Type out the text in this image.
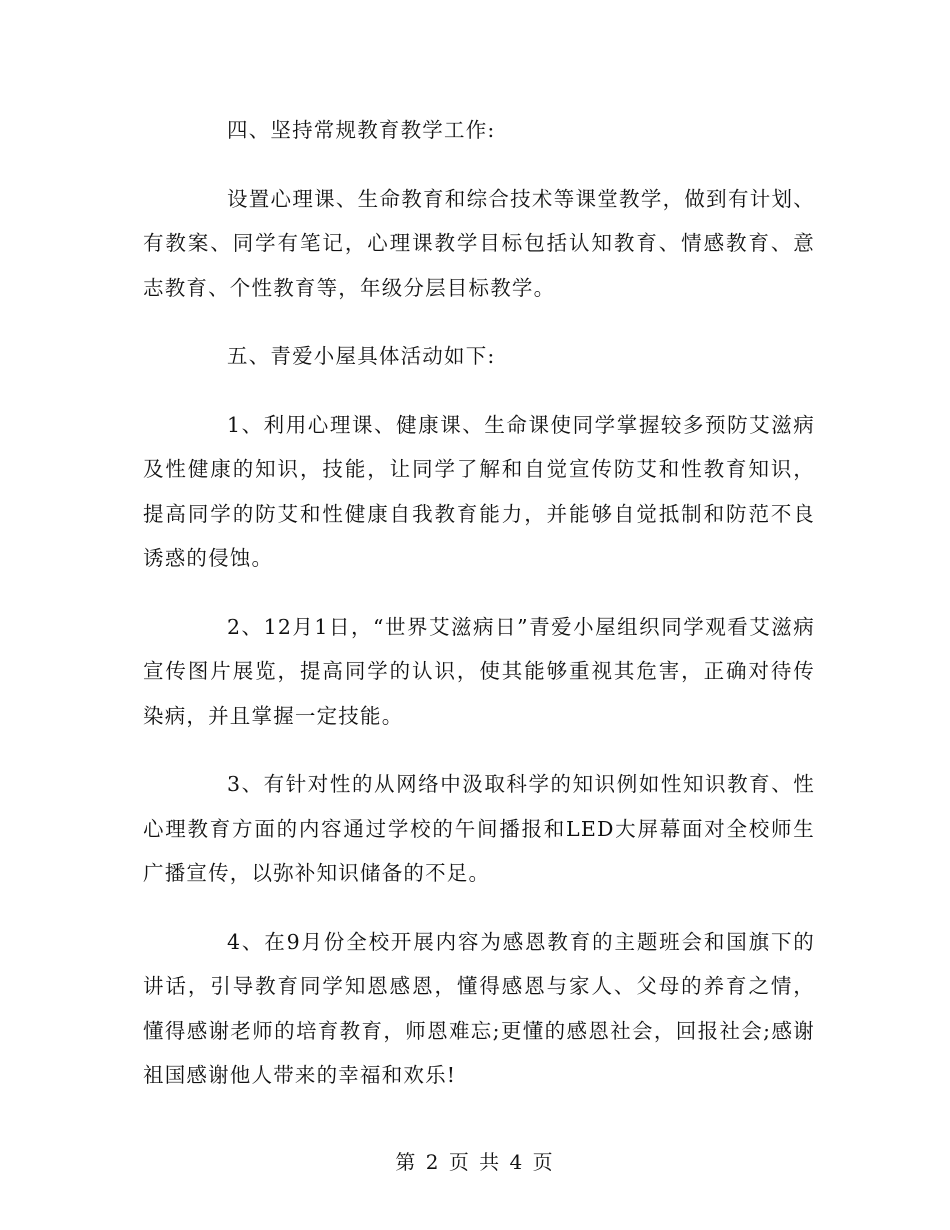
四、坚持常规教育教学工作:

设置心理课、生命教育和综合技术等课堂教学，做到有计划、有教案、同学有笔记，心理课教学目标包括认知教育、情感教育、意志教育、个性教育等，年级分层目标教学。

五、青爱小屋具体活动如下:

1、利用心理课、健康课、生命课使同学掌握较多预防艾滋病及性健康的知识，技能，让同学了解和自觉宣传防艾和性教育知识，提高同学的防艾和性健康自我教育能力，并能够自觉抵制和防范不良诱惑的侵蚀。

2、12月1日，“世界艾滋病日”青爱小屋组织同学观看艾滋病宣传图片展览，提高同学的认识，使其能够重视其危害，正确对待传染病，并且掌握一定技能。

3、有针对性的从网络中汲取科学的知识例如性知识教育、性心理教育方面的内容通过学校的午间播报和LED大屏幕面对全校师生广播宣传，以弥补知识储备的不足。

4、在9月份全校开展内容为感恩教育的主题班会和国旗下的讲话，引导教育同学知恩感恩，懂得感恩与家人、父母的养育之情，懂得感谢老师的培育教育，师恩难忘;更懂的感恩社会，回报社会;感谢祖国感谢他人带来的幸福和欢乐!

第 2 页 共 4 页
